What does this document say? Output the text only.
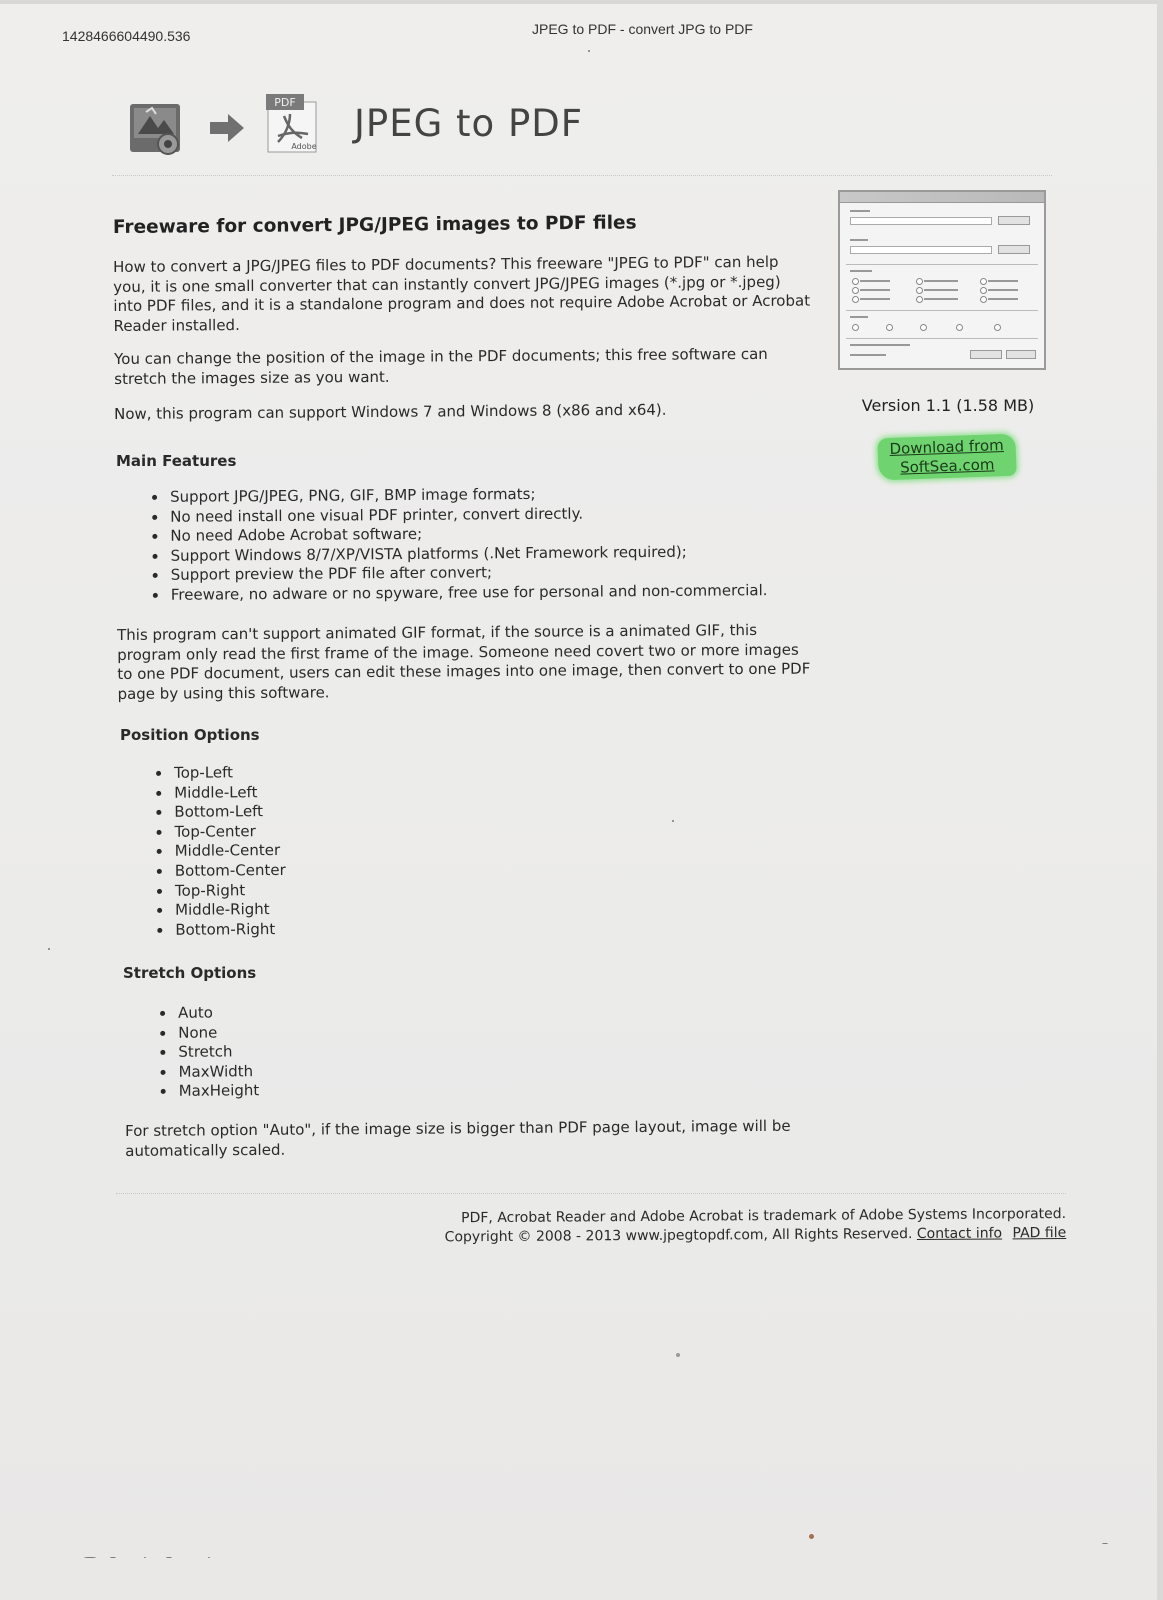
1428466604490.536	JPEG to PDF - convert JPG to PDF
PDF
Adobe
JPEG to PDF
Version 1.1 (1.58 MB)
Download from
SoftSea.com
Freeware for convert JPG/JPEG images to PDF files
How to convert a JPG/JPEG files to PDF documents? This freeware "JPEG to PDF" can help
you, it is one small converter that can instantly convert JPG/JPEG images (*.jpg or *.jpeg)
into PDF files, and it is a standalone program and does not require Adobe Acrobat or Acrobat
Reader installed.
You can change the position of the image in the PDF documents; this free software can
stretch the images size as you want.
Now, this program can support Windows 7 and Windows 8 (x86 and x64).
Main Features
• Support JPG/JPEG, PNG, GIF, BMP image formats;
• No need install one visual PDF printer, convert directly.
• No need Adobe Acrobat software;
• Support Windows 8/7/XP/VISTA platforms (.Net Framework required);
• Support preview the PDF file after convert;
• Freeware, no adware or no spyware, free use for personal and non-commercial.
This program can't support animated GIF format, if the source is a animated GIF, this
program only read the first frame of the image. Someone need covert two or more images
to one PDF document, users can edit these images into one image, then convert to one PDF
page by using this software.
Position Options
• Top-Left
• Middle-Left
• Bottom-Left
• Top-Center
• Middle-Center
• Bottom-Center
• Top-Right
• Middle-Right
• Bottom-Right
Stretch Options
• Auto
• None
• Stretch
• MaxWidth
• MaxHeight
For stretch option "Auto", if the image size is bigger than PDF page layout, image will be
automatically scaled.
PDF, Acrobat Reader and Adobe Acrobat is trademark of Adobe Systems Incorporated.
Copyright © 2008 - 2013 www.jpegtopdf.com, All Rights Reserved. Contact info PAD file
